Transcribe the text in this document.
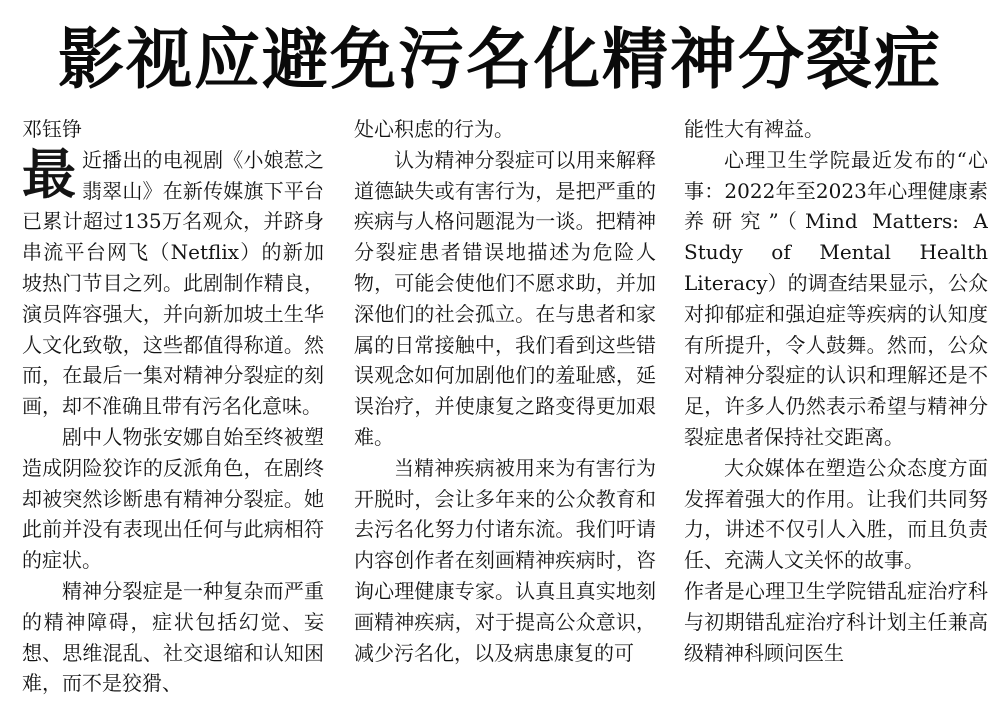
影视应避免污名化精神分裂症

邓钰铮

最近播出的电视剧《小娘惹之翡翠山》在新传媒旗下平台已累计超过135万名观众，并跻身串流平台网飞（Netflix）的新加坡热门节目之列。此剧制作精良，演员阵容强大，并向新加坡土生华人文化致敬，这些都值得称道。然而，在最后一集对精神分裂症的刻画，却不准确且带有污名化意味。

剧中人物张安娜自始至终被塑造成阴险狡诈的反派角色，在剧终却被突然诊断患有精神分裂症。她此前并没有表现出任何与此病相符的症状。

精神分裂症是一种复杂而严重的精神障碍，症状包括幻觉、妄想、思维混乱、社交退缩和认知困难，而不是狡猾、

处心积虑的行为。

认为精神分裂症可以用来解释道德缺失或有害行为，是把严重的疾病与人格问题混为一谈。把精神分裂症患者错误地描述为危险人物，可能会使他们不愿求助，并加深他们的社会孤立。在与患者和家属的日常接触中，我们看到这些错误观念如何加剧他们的羞耻感，延误治疗，并使康复之路变得更加艰难。

当精神疾病被用来为有害行为开脱时，会让多年来的公众教育和去污名化努力付诸东流。我们吁请内容创作者在刻画精神疾病时，咨询心理健康专家。认真且真实地刻画精神疾病，对于提高公众意识，减少污名化，以及病患康复的可

能性大有裨益。

心理卫生学院最近发布的“心事：2022年至2023年心理健康素养研究”（Mind Matters: A Study of Mental Health Literacy）的调查结果显示，公众对抑郁症和强迫症等疾病的认知度有所提升，令人鼓舞。然而，公众对精神分裂症的认识和理解还是不足，许多人仍然表示希望与精神分裂症患者保持社交距离。

大众媒体在塑造公众态度方面发挥着强大的作用。让我们共同努力，讲述不仅引人入胜，而且负责任、充满人文关怀的故事。

作者是心理卫生学院错乱症治疗科与初期错乱症治疗科计划主任兼高级精神科顾问医生
